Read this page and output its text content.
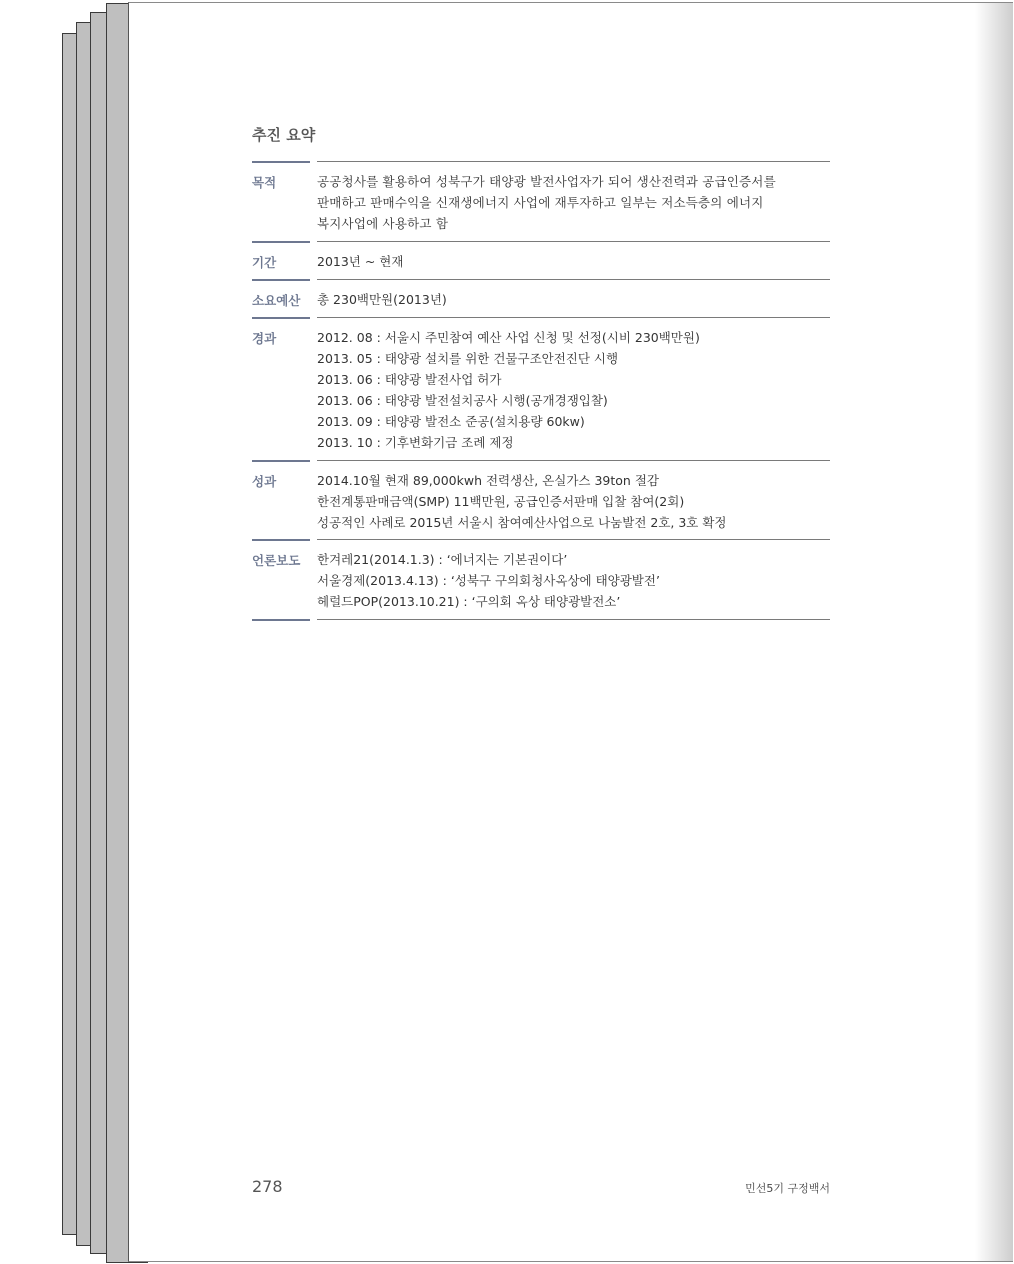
추진 요약
목적	공공청사를 활용하여 성북구가 태양광 발전사업자가 되어 생산전력과 공급인증서를
판매하고 판매수익을 신재생에너지 사업에 재투자하고 일부는 저소득층의 에너지
복지사업에 사용하고 함
기간	2013년 ~ 현재
소요예산	총 230백만원(2013년)
경과	2012. 08 : 서울시 주민참여 예산 사업 신청 및 선정(시비 230백만원)
2013. 05 : 태양광 설치를 위한 건물구조안전진단 시행
2013. 06 : 태양광 발전사업 허가
2013. 06 : 태양광 발전설치공사 시행(공개경쟁입찰)
2013. 09 : 태양광 발전소 준공(설치용량 60kw)
2013. 10 : 기후변화기금 조례 제정
성과	2014.10월 현재 89,000kwh 전력생산, 온실가스 39ton 절감
한전계통판매금액(SMP) 11백만원, 공급인증서판매 입찰 참여(2회)
성공적인 사례로 2015년 서울시 참여예산사업으로 나눔발전 2호, 3호 확정
언론보도	한겨레21(2014.1.3) : ‘에너지는 기본권이다’
서울경제(2013.4.13) : ‘성북구 구의회청사옥상에 태양광발전’
헤럴드POP(2013.10.21) : ‘구의회 옥상 태양광발전소’
278	민선5기 구정백서
